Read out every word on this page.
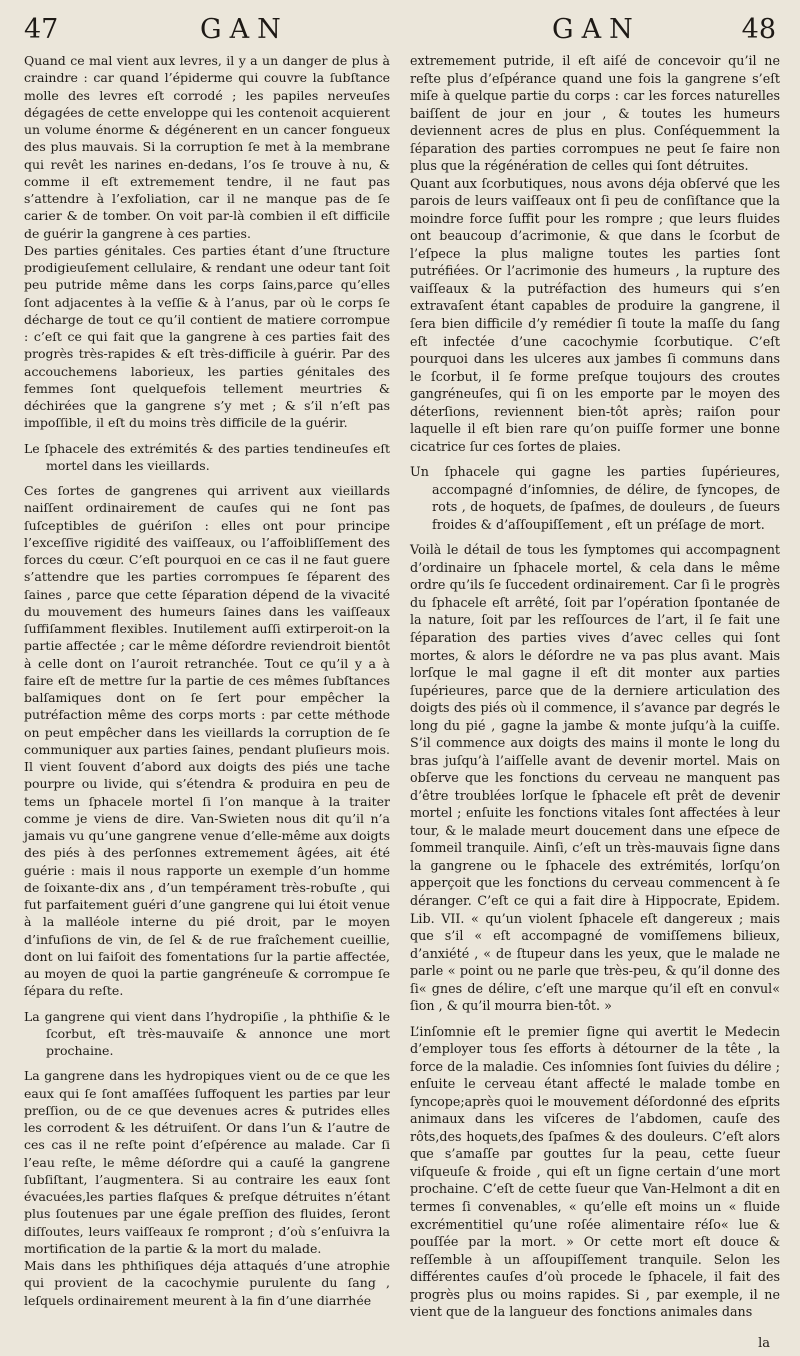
47	GAN	GAN	48

Quand ce mal vient aux levres, il y a un danger de plus à craindre : car quand l’épiderme qui couvre la ſubſtance molle des levres eſt corrodé ; les papiles nerveuſes dégagées de cette enveloppe qui les contenoit acquierent un volume énorme & dégénerent en un cancer fongueux des plus mauvais. Si la corruption ſe met à la membrane qui revêt les narines en-dedans, l’os ſe trouve à nu, & comme il eſt extremement tendre, il ne faut pas s’attendre à l’exfoliation, car il ne manque pas de ſe carier & de tomber. On voit par-là combien il eſt difficile de guérir la gangrene à ces parties.

Des parties génitales. Ces parties étant d’une ſtructure prodigieuſement cellulaire, & rendant une odeur tant ſoit peu putride même dans les corps ſains,parce qu’elles ſont adjacentes à la veſſie & à l’anus, par où le corps ſe décharge de tout ce qu’il contient de matiere corrompue : c’eſt ce qui fait que la gangrene à ces parties fait des progrès très-rapides & eſt très-difficile à guérir. Par des accouchemens laborieux, les parties génitales des femmes ſont quelquefois tellement meurtries & déchirées que la gangrene s’y met ; & s’il n’eſt pas impoſſible, il eſt du moins très difficile de la guérir.

Le ſphacele des extrémités & des parties tendineuſes eſt mortel dans les vieillards.

Ces ſortes de gangrenes qui arrivent aux vieillards naiſſent ordinairement de cauſes qui ne ſont pas ſuſceptibles de guériſon : elles ont pour principe l’exceſſive rigidité des vaiſſeaux, ou l’affoibliſſement des forces du cœur. C’eſt pourquoi en ce cas il ne faut guere s’attendre que les parties corrompues ſe ſéparent des ſaines , parce que cette ſéparation dépend de la vivacité du mouvement des humeurs ſaines dans les vaiſſeaux ſuffiſamment flexibles. Inutilement auſſi extirperoit-on la partie affectée ; car le même déſordre reviendroit bientôt à celle dont on l’auroit retranchée. Tout ce qu’il y a à faire eſt de mettre ſur la partie de ces mêmes ſubſtances balſamiques dont on ſe ſert pour empêcher la putréfaction même des corps morts : par cette méthode on peut empêcher dans les vieillards la corruption de ſe communiquer aux parties ſaines, pendant pluſieurs mois. Il vient ſouvent d’abord aux doigts des piés une tache pourpre ou livide, qui s’étendra & produira en peu de tems un ſphacele mortel ſi l’on manque à la traiter comme je viens de dire. Van-Swieten nous dit qu’il n’a jamais vu qu’une gangrene venue d’elle-même aux doigts des piés à des perſonnes extremement âgées, ait été guérie : mais il nous rapporte un exemple d’un homme de ſoixante-dix ans , d’un tempérament très-robuſte , qui fut parfaitement guéri d’une gangrene qui lui étoit venue à la malléole interne du pié droit, par le moyen d’infuſions de vin, de ſel & de rue fraîchement cueillie, dont on lui faiſoit des fomentations ſur la partie affectée, au moyen de quoi la partie gangréneuſe & corrompue ſe ſépara du reſte.

La gangrene qui vient dans l’hydropiſie , la phthiſie & le ſcorbut, eſt très-mauvaiſe & annonce une mort prochaine.

La gangrene dans les hydropiques vient ou de ce que les eaux qui ſe ſont amaſſées ſuffoquent les parties par leur preſſion, ou de ce que devenues acres & putrides elles les corrodent & les détruiſent. Or dans l’un & l’autre de ces cas il ne reſte point d’eſpérence au malade. Car ſi l’eau reſte, le même déſordre qui a cauſé la gangrene ſubſiſtant, l’augmentera. Si au contraire les eaux ſont évacuées,les parties flaſques & preſque détruites n’étant plus ſoutenues par une égale preſſion des fluides, ſeront diſſoutes, leurs vaiſſeaux ſe rompront ; d’où s’enſuivra la mortification de la partie & la mort du malade.

Mais dans les phthiſiques déja attaqués d’une atrophie qui provient de la cacochymie purulente du ſang , leſquels ordinairement meurent à la fin d’une diarrhée

extremement putride, il eſt aiſé de concevoir qu’il ne reſte plus d’eſpérance quand une fois la gangrene s’eſt miſe à quelque partie du corps : car les forces naturelles baiſſent de jour en jour , & toutes les humeurs deviennent acres de plus en plus. Conſéquemment la ſéparation des parties corrompues ne peut ſe faire non plus que la régénération de celles qui ſont détruites.

Quant aux ſcorbutiques, nous avons déja obſervé que les parois de leurs vaiſſeaux ont ſi peu de conſiſtance que la moindre force ſuffit pour les rompre ; que leurs fluides ont beaucoup d’acrimonie, & que dans le ſcorbut de l’eſpece la plus maligne toutes les parties ſont putréfiées. Or l’acrimonie des humeurs , la rupture des vaiſſeaux & la putréfaction des humeurs qui s’en extravaſent étant capables de produire la gangrene, il ſera bien difficile d’y remédier ſi toute la maſſe du ſang eſt infectée d’une cacochymie ſcorbutique. C’eſt pourquoi dans les ulceres aux jambes ſi communs dans le ſcorbut, il ſe forme preſque toujours des croutes gangréneuſes, qui ſi on les emporte par le moyen des déterſions, reviennent bien-tôt après; raiſon pour laquelle il eſt bien rare qu’on puiſſe former une bonne cicatrice ſur ces ſortes de plaies.

Un ſphacele qui gagne les parties ſupérieures, accompagné d’inſomnies, de délire, de ſyncopes, de rots , de hoquets, de ſpaſmes, de douleurs , de ſueurs froides & d’aſſoupiſſement , eſt un préſage de mort.

Voilà le détail de tous les ſymptomes qui accompagnent d’ordinaire un ſphacele mortel, & cela dans le même ordre qu’ils ſe ſuccedent ordinairement. Car ſi le progrès du ſphacele eſt arrêté, ſoit par l’opération ſpontanée de la nature, ſoit par les reſſources de l’art, il ſe fait une ſéparation des parties vives d’avec celles qui ſont mortes, & alors le déſordre ne va pas plus avant. Mais lorſque le mal gagne il eſt dit monter aux parties ſupérieures, parce que de la derniere articulation des doigts des piés où il commence, il s’avance par degrés le long du pié , gagne la jambe & monte juſqu’à la cuiſſe. S’il commence aux doigts des mains il monte le long du bras juſqu’à l’aiſſelle avant de devenir mortel. Mais on obſerve que les fonctions du cerveau ne manquent pas d’être troublées lorſque le ſphacele eſt prêt de devenir mortel ; enſuite les fonctions vitales ſont affectées à leur tour, & le malade meurt doucement dans une eſpece de ſommeil tranquile. Ainſi, c’eſt un très-mauvais ſigne dans la gangrene ou le ſphacele des extrémités, lorſqu’on apperçoit que les fonctions du cerveau commencent à ſe déranger. C’eſt ce qui a fait dire à Hippocrate, Epidem. Lib. VII. « qu’un violent ſphacele eſt dangereux ; mais que s’il « eſt accompagné de vomiſſemens bilieux, d’anxiété , « de ſtupeur dans les yeux, que le malade ne parle « point ou ne parle que très-peu, & qu’il donne des ſi« gnes de délire, c’eſt une marque qu’il eſt en convul« ſion , & qu’il mourra bien-tôt. »

L’inſomnie eſt le premier ſigne qui avertit le Medecin d’employer tous ſes efforts à détourner de la tête , la force de la maladie. Ces inſomnies ſont ſuivies du délire ; enſuite le cerveau étant affecté le malade tombe en ſyncope;après quoi le mouvement déſordonné des eſprits animaux dans les viſceres de l’abdomen, cauſe des rôts,des hoquets,des ſpaſmes & des douleurs. C’eſt alors que s’amaſſe par gouttes ſur la peau, cette ſueur viſqueuſe & froide , qui eſt un ſigne certain d’une mort prochaine. C’eſt de cette ſueur que Van-Helmont a dit en termes ſi convenables, « qu’elle eſt moins un « fluide excrémentitiel qu’une roſée alimentaire réſo« lue & pouſſée par la mort. » Or cette mort eſt douce & reſſemble à un aſſoupiſſement tranquile. Selon les différentes cauſes d’où procede le ſphacele, il fait des progrès plus ou moins rapides. Si , par exemple, il ne vient que de la langueur des fonctions animales dans

la
